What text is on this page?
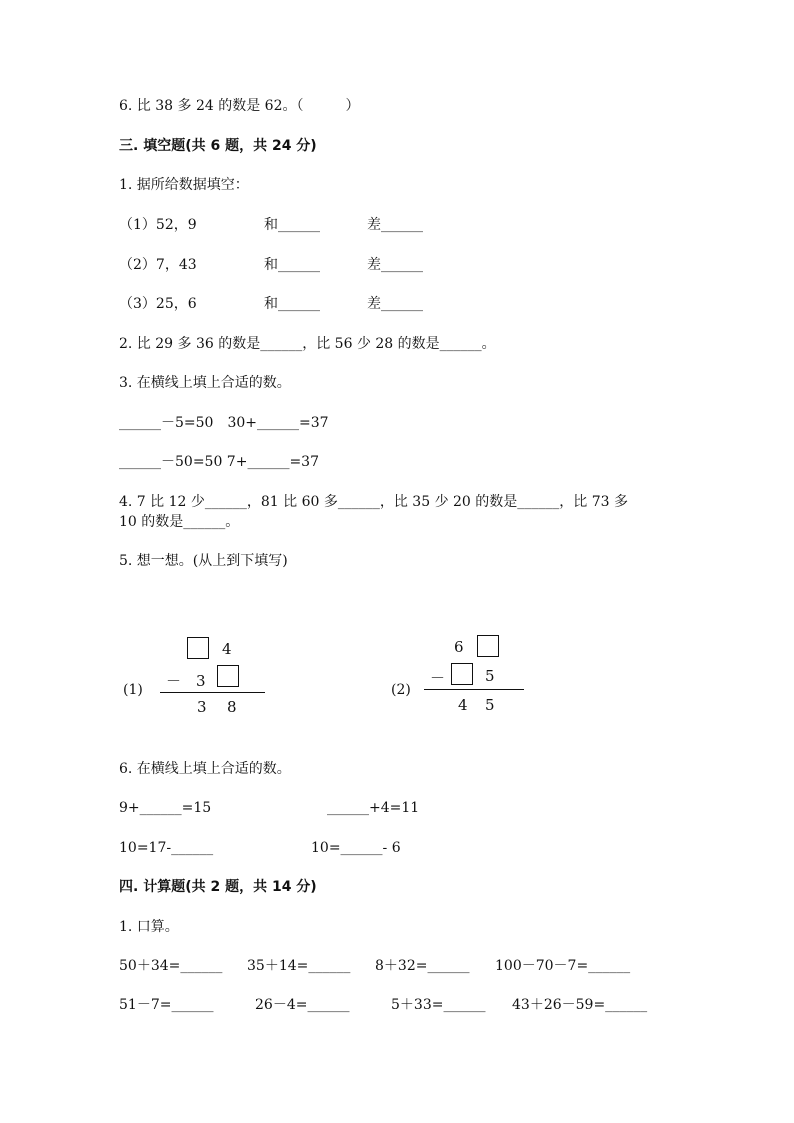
6. 比 38 多 24 的数是 62。（　　　）
三. 填空题(共 6 题，共 24 分)
1. 据所给数据填空：
（1）52，9	和______	差______
（2）7，43	和______	差______
（3）25，6	和______	差______
2. 比 29 多 36 的数是______，比 56 少 28 的数是______。
3. 在横线上填上合适的数。
______－5=50　30+______=37
______－50=50 7+______=37
4. 7 比 12 少______，81 比 60 多______，比 35 少 20 的数是______，比 73 多
10 的数是______。
5. 想一想。(从上到下填写)
(1)
4
－ 3
3 8
(2)
6
－	5
4 5
6. 在横线上填上合适的数。
9+______=15	______+4=11
10=17-______	10=______- 6
四. 计算题(共 2 题，共 14 分)
1. 口算。
50＋34=______ 35＋14=______ 8＋32=______ 100－70－7=______
51－7=______	26－4=______	5＋33=______ 43＋26－59=______
